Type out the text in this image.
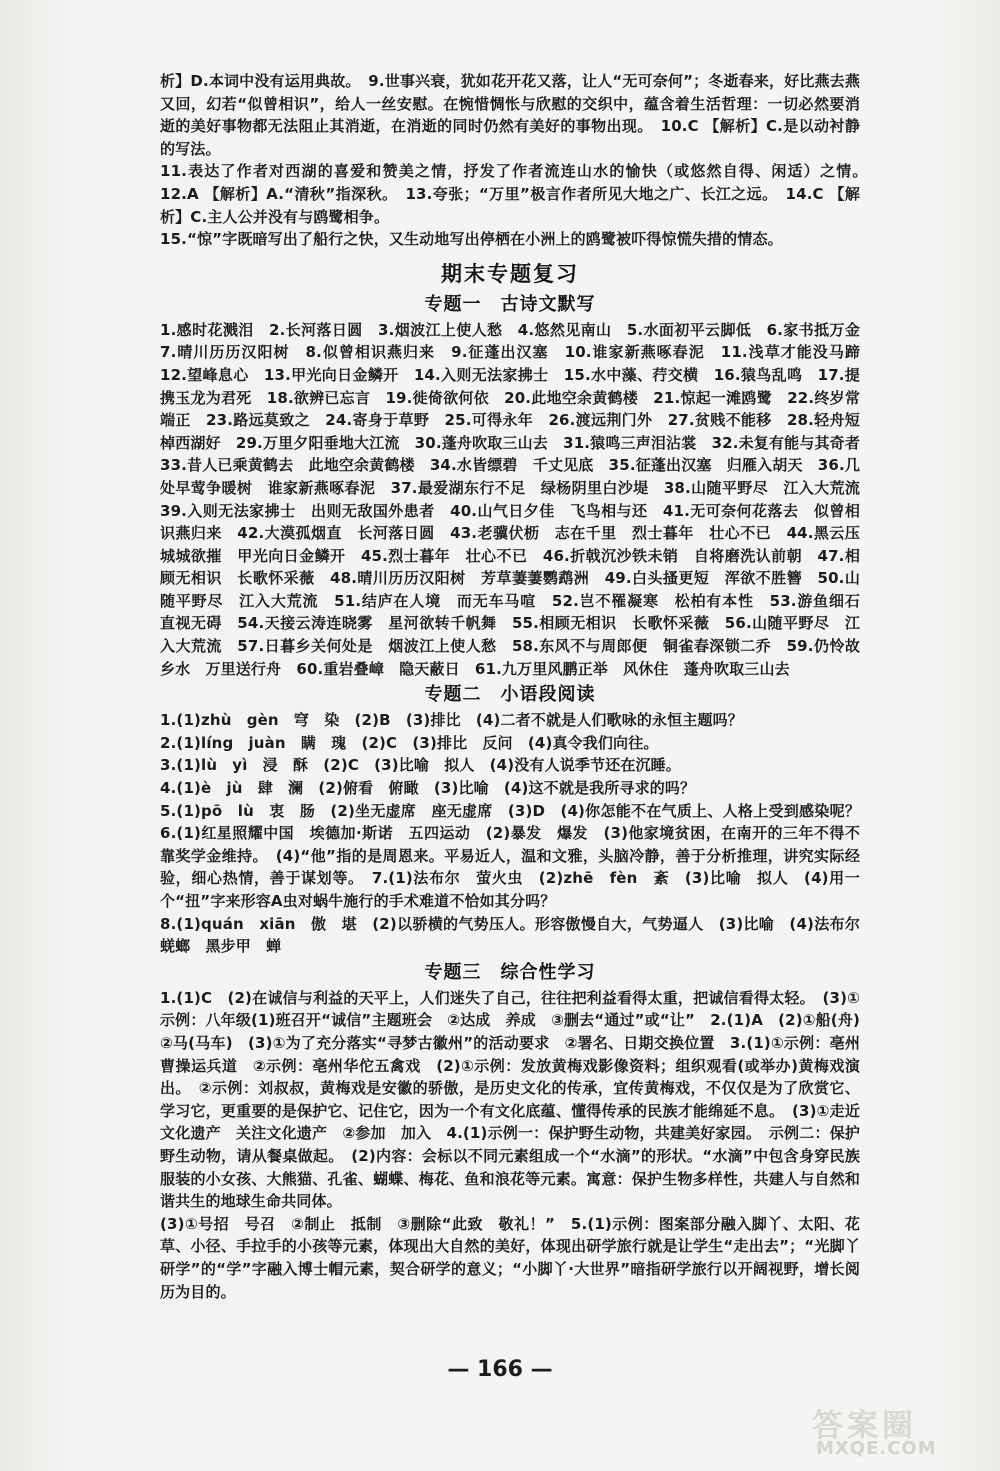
析】D.本词中没有运用典故。　9.世事兴衰，犹如花开花又落，让人“无可奈何”；冬逝春来，好比燕去燕又回，幻若“似曾相识”，给人一丝安慰。在惋惜惆怅与欣慰的交织中，蕴含着生活哲理：一切必然要消逝的美好事物都无法阻止其消逝，在消逝的同时仍然有美好的事物出现。　10.C 【解析】C.是以动衬静的写法。

11.表达了作者对西湖的喜爱和赞美之情，抒发了作者流连山水的愉快（或悠然自得、闲适）之情。　12.A 【解析】A.“清秋”指深秋。　13.夸张；“万里”极言作者所见大地之广、长江之远。　14.C 【解析】C.主人公并没有与鸥鹭相争。

15.“惊”字既暗写出了船行之快，又生动地写出停栖在小洲上的鸥鹭被吓得惊慌失措的情态。

期末专题复习
专题一　古诗文默写

1.感时花溅泪　2.长河落日圆　3.烟波江上使人愁　4.悠然见南山　5.水面初平云脚低　6.家书抵万金　7.晴川历历汉阳树　8.似曾相识燕归来　9.征蓬出汉塞　10.谁家新燕啄春泥　11.浅草才能没马蹄　12.望峰息心　13.甲光向日金鳞开　14.入则无法家拂士　15.水中藻、荇交横　16.猿鸟乱鸣　17.提携玉龙为君死　18.欲辨已忘言　19.徙倚欲何依　20.此地空余黄鹤楼　21.惊起一滩鸥鹭　22.终岁常端正　23.路远莫致之　24.寄身于草野　25.可得永年　26.渡远荆门外　27.贫贱不能移　28.轻舟短棹西湖好　29.万里夕阳垂地大江流　30.蓬舟吹取三山去　31.猿鸣三声泪沾裳　32.未复有能与其奇者　33.昔人已乘黄鹤去　此地空余黄鹤楼　34.水皆缥碧　千丈见底　35.征蓬出汉塞　归雁入胡天　36.几处早莺争暖树　谁家新燕啄春泥　37.最爱湖东行不足　绿杨阴里白沙堤　38.山随平野尽　江入大荒流　39.入则无法家拂士　出则无敌国外患者　40.山气日夕佳　飞鸟相与还　41.无可奈何花落去　似曾相识燕归来　42.大漠孤烟直　长河落日圆　43.老骥伏枥　志在千里　烈士暮年　壮心不已　44.黑云压城城欲摧　甲光向日金鳞开　45.烈士暮年　壮心不已　46.折戟沉沙铁未销　自将磨洗认前朝　47.相顾无相识　长歌怀采薇　48.晴川历历汉阳树　芳草萋萋鹦鹉洲　49.白头搔更短　浑欲不胜簪　50.山随平野尽　江入大荒流　51.结庐在人境　而无车马喧　52.岂不罹凝寒　松柏有本性　53.游鱼细石　直视无碍　54.天接云涛连晓雾　星河欲转千帆舞　55.相顾无相识　长歌怀采薇　56.山随平野尽　江入大荒流　57.日暮乡关何处是　烟波江上使人愁　58.东风不与周郎便　铜雀春深锁二乔　59.仍怜故乡水　万里送行舟　60.重岩叠嶂　隐天蔽日　61.九万里风鹏正举　风休住　蓬舟吹取三山去

专题二　小语段阅读

1.(1)zhù　gèn　穹　染　(2)B　(3)排比　(4)二者不就是人们歌咏的永恒主题吗？

2.(1)líng　juàn　瞒　瑰　(2)C　(3)排比　反问　(4)真令我们向往。

3.(1)lù　yì　浸　酥　(2)C　(3)比喻　拟人　(4)没有人说季节还在沉睡。

4.(1)è　jù　肆　澜　(2)俯看　俯瞰　(3)比喻　(4)这不就是我所寻求的吗？

5.(1)pō　lù　衷　肠　(2)坐无虚席　座无虚席　(3)D　(4)你怎能不在气质上、人格上受到感染呢？　6.(1)红星照耀中国　埃德加·斯诺　五四运动　(2)暴发　爆发　(3)他家境贫困，在南开的三年不得不靠奖学金维持。　(4)“他”指的是周恩来。平易近人，温和文雅，头脑冷静，善于分析推理，讲究实际经验，细心热情，善于谋划等。　7.(1)法布尔　萤火虫　(2)zhē　fèn　紊　(3)比喻　拟人　(4)用一个“扭”字来形容A虫对蜗牛施行的手术难道不恰如其分吗？

8.(1)quán　xiān　傲　堪　(2)以骄横的气势压人。形容傲慢自大，气势逼人　(3)比喻　(4)法布尔　蜣螂　黑步甲　蝉

专题三　综合性学习

1.(1)C　(2)在诚信与利益的天平上，人们迷失了自己，往往把利益看得太重，把诚信看得太轻。　(3)①示例：八年级(1)班召开“诚信”主题班会　②达成　养成　③删去“通过”或“让”　2.(1)A　(2)①船(舟)　②马(马车)　(3)①为了充分落实“寻梦古徽州”的活动要求　②署名、日期交换位置　3.(1)①示例：亳州曹操运兵道　②示例：亳州华佗五禽戏　(2)①示例：发放黄梅戏影像资料；组织观看(或举办)黄梅戏演出。　②示例：刘叔叔，黄梅戏是安徽的骄傲，是历史文化的传承，宜传黄梅戏，不仅仅是为了欣赏它、学习它，更重要的是保护它、记住它，因为一个有文化底蕴、懂得传承的民族才能绵延不息。　(3)①走近文化遗产　关注文化遗产　②参加　加入　4.(1)示例一：保护野生动物，共建美好家园。　示例二：保护野生动物，请从餐桌做起。　(2)内容：会标以不同元素组成一个“水滴”的形状。“水滴”中包含身穿民族服装的小女孩、大熊猫、孔雀、蝴蝶、梅花、鱼和浪花等元素。寓意：保护生物多样性，共建人与自然和谐共生的地球生命共同体。

(3)①号招　号召　②制止　抵制　③删除“此致　敬礼！”　5.(1)示例：图案部分融入脚丫、太阳、花草、小径、手拉手的小孩等元素，体现出大自然的美好，体现出研学旅行就是让学生“走出去”；“光脚丫研学”的“学”字融入博士帽元素，契合研学的意义；“小脚丫·大世界”暗指研学旅行以开阔视野，增长阅历为目的。

— 166 —
答案圈
MXQE.COM
